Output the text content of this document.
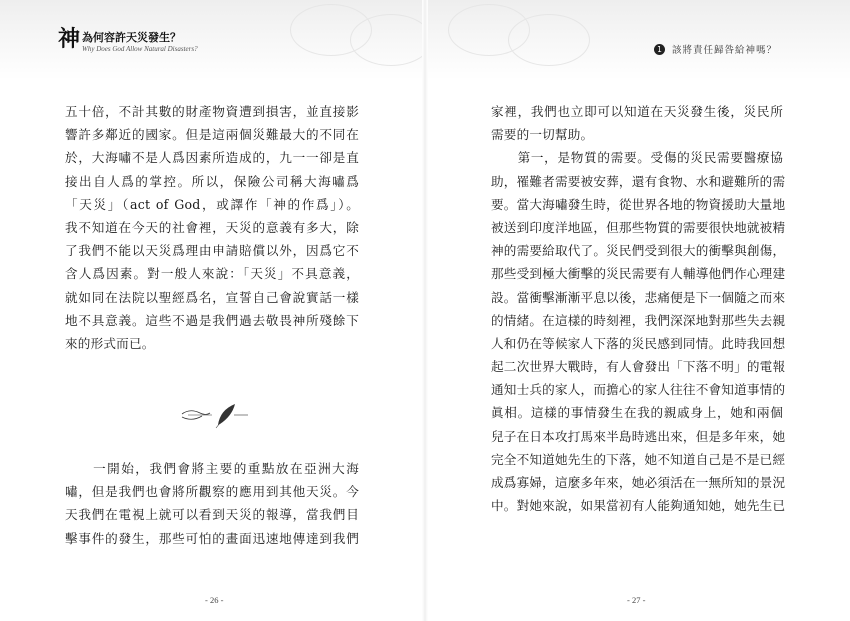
神 為何容許天災發生？
Why Does God Allow Natural Disasters?
五十倍，不計其數的財產物資遭到損害，並直接影
響許多鄰近的國家。但是這兩個災難最大的不同在
於，大海嘯不是人爲因素所造成的，九一一卻是直
接出自人爲的掌控。所以，保險公司稱大海嘯爲
「天災」（act of God，或譯作「神的作爲」）。
我不知道在今天的社會裡，天災的意義有多大，除
了我們不能以天災爲理由申請賠償以外，因爲它不
含人爲因素。對一般人來說：「天災」不具意義，
就如同在法院以聖經爲名，宣誓自己會說實話一樣
地不具意義。這些不過是我們過去敬畏神所殘餘下
來的形式而已。
　　一開始，我們會將主要的重點放在亞洲大海
嘯，但是我們也會將所觀察的應用到其他天災。今
天我們在電視上就可以看到天災的報導，當我們目
擊事件的發生，那些可怕的畫面迅速地傳達到我們
- 26 -
1 該將責任歸咎給神嗎？
家裡，我們也立即可以知道在天災發生後，災民所
需要的一切幫助。
　　第一，是物質的需要。受傷的災民需要醫療協
助，罹難者需要被安葬，還有食物、水和避難所的需
要。當大海嘯發生時，從世界各地的物資援助大量地
被送到印度洋地區，但那些物質的需要很快地就被精
神的需要給取代了。災民們受到很大的衝擊與創傷，
那些受到極大衝擊的災民需要有人輔導他們作心理建
設。當衝擊漸漸平息以後，悲痛便是下一個隨之而來
的情緒。在這樣的時刻裡，我們深深地對那些失去親
人和仍在等候家人下落的災民感到同情。此時我回想
起二次世界大戰時，有人會發出「下落不明」的電報
通知士兵的家人，而擔心的家人往往不會知道事情的
眞相。這樣的事情發生在我的親戚身上，她和兩個
兒子在日本攻打馬來半島時逃出來，但是多年來，她
完全不知道她先生的下落，她不知道自己是不是已經
成爲寡婦，這麼多年來，她必須活在一無所知的景況
中。對她來說，如果當初有人能夠通知她，她先生已
- 27 -
